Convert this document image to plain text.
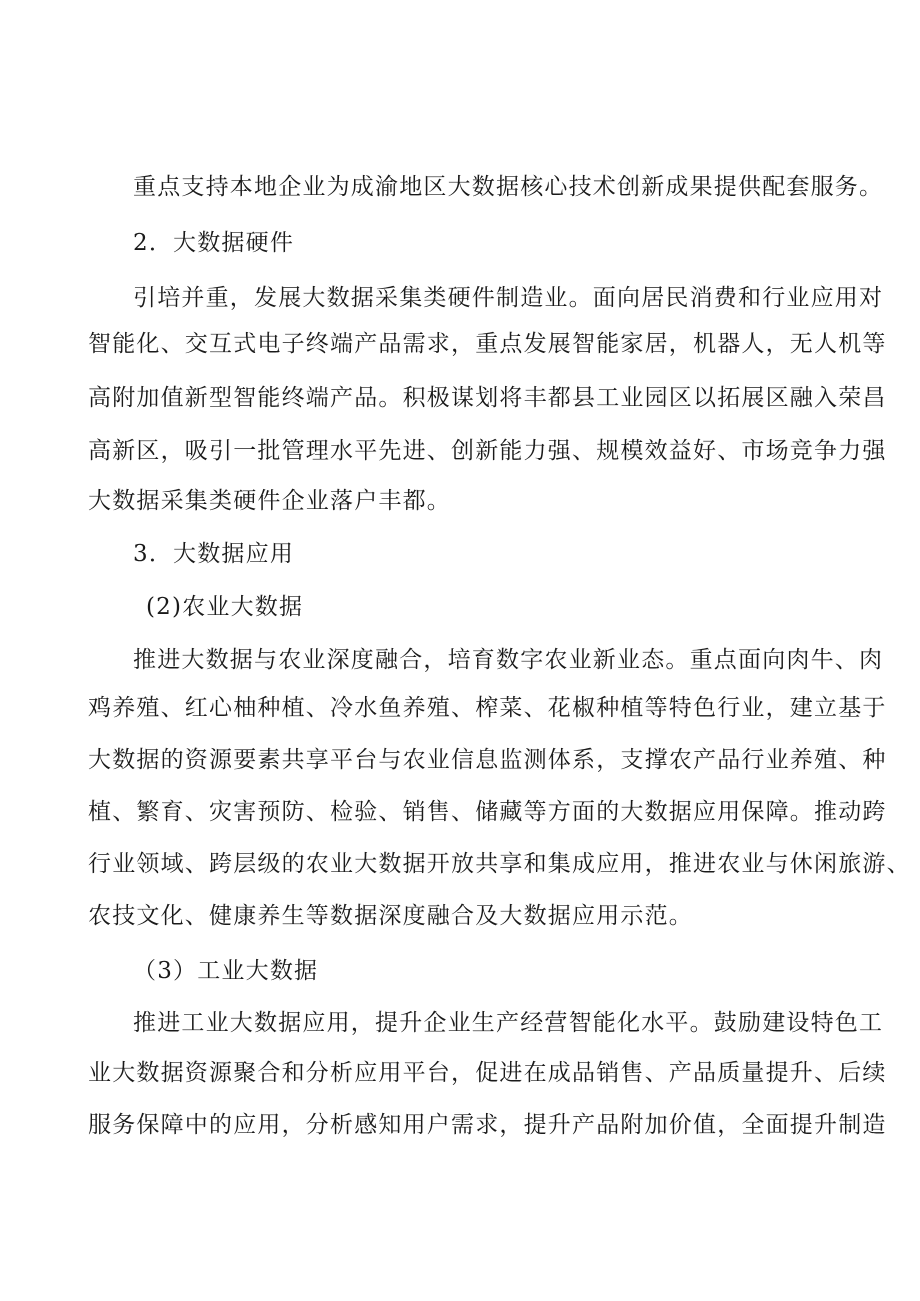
重点支持本地企业为成渝地区大数据核心技术创新成果提供配套服务。
2．大数据硬件
引培并重，发展大数据采集类硬件制造业。面向居民消费和行业应用对
智能化、交互式电子终端产品需求，重点发展智能家居，机器人，无人机等
高附加值新型智能终端产品。积极谋划将丰都县工业园区以拓展区融入荣昌
高新区，吸引一批管理水平先进、创新能力强、规模效益好、市场竞争力强
大数据采集类硬件企业落户丰都。
3．大数据应用
(2)农业大数据
推进大数据与农业深度融合，培育数字农业新业态。重点面向肉牛、肉
鸡养殖、红心柚种植、冷水鱼养殖、榨菜、花椒种植等特色行业，建立基于
大数据的资源要素共享平台与农业信息监测体系，支撑农产品行业养殖、种
植、繁育、灾害预防、检验、销售、储藏等方面的大数据应用保障。推动跨
行业领域、跨层级的农业大数据开放共享和集成应用，推进农业与休闲旅游、
农技文化、健康养生等数据深度融合及大数据应用示范。
（3）工业大数据
推进工业大数据应用，提升企业生产经营智能化水平。鼓励建设特色工
业大数据资源聚合和分析应用平台，促进在成品销售、产品质量提升、后续
服务保障中的应用，分析感知用户需求，提升产品附加价值，全面提升制造
